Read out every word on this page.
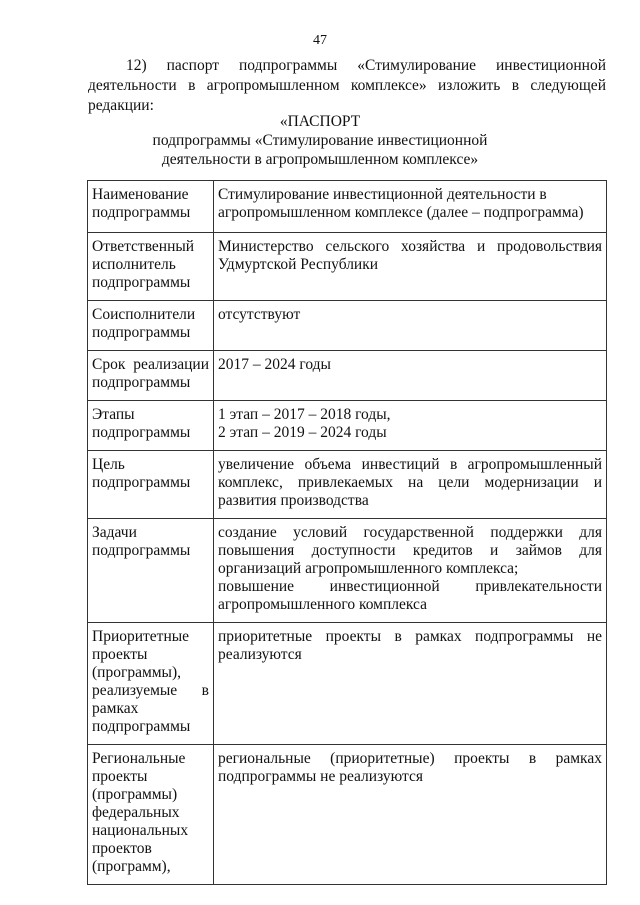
47
12) паспорт подпрограммы «Стимулирование инвестиционной
деятельности в агропромышленном комплексе» изложить в следующей редакции:
«ПАСПОРТ
подпрограммы «Стимулирование инвестиционной
деятельности в агропромышленном комплексе»
Наименование подпрограммы	Стимулирование инвестиционной деятельности в агропромышленном комплексе (далее – подпрограмма)
Ответственный исполнитель подпрограммы	Министерство сельского хозяйства и продовольствия Удмуртской Республики
Соисполнители подпрограммы	отсутствуют
Срок реализации подпрограммы	2017 – 2024 годы
Этапы подпрограммы	1 этап – 2017 – 2018 годы,
2 этап – 2019 – 2024 годы

Цель подпрограммы	увеличение объема инвестиций в агропромышленный комплекс, привлекаемых на цели модернизации и развития производства
Задачи подпрограммы	создание условий государственной поддержки для повышения доступности кредитов и займов для организаций агропромышленного комплекса;
повышение инвестиционной привлекательности агропромышленного комплекса

Приоритетные проекты (программы), реализуемые в рамках подпрограммы	приоритетные проекты в рамках подпрограммы не реализуются
Региональные проекты (программы) федеральных национальных проектов (программ),	региональные (приоритетные) проекты в рамках подпрограммы не реализуются
